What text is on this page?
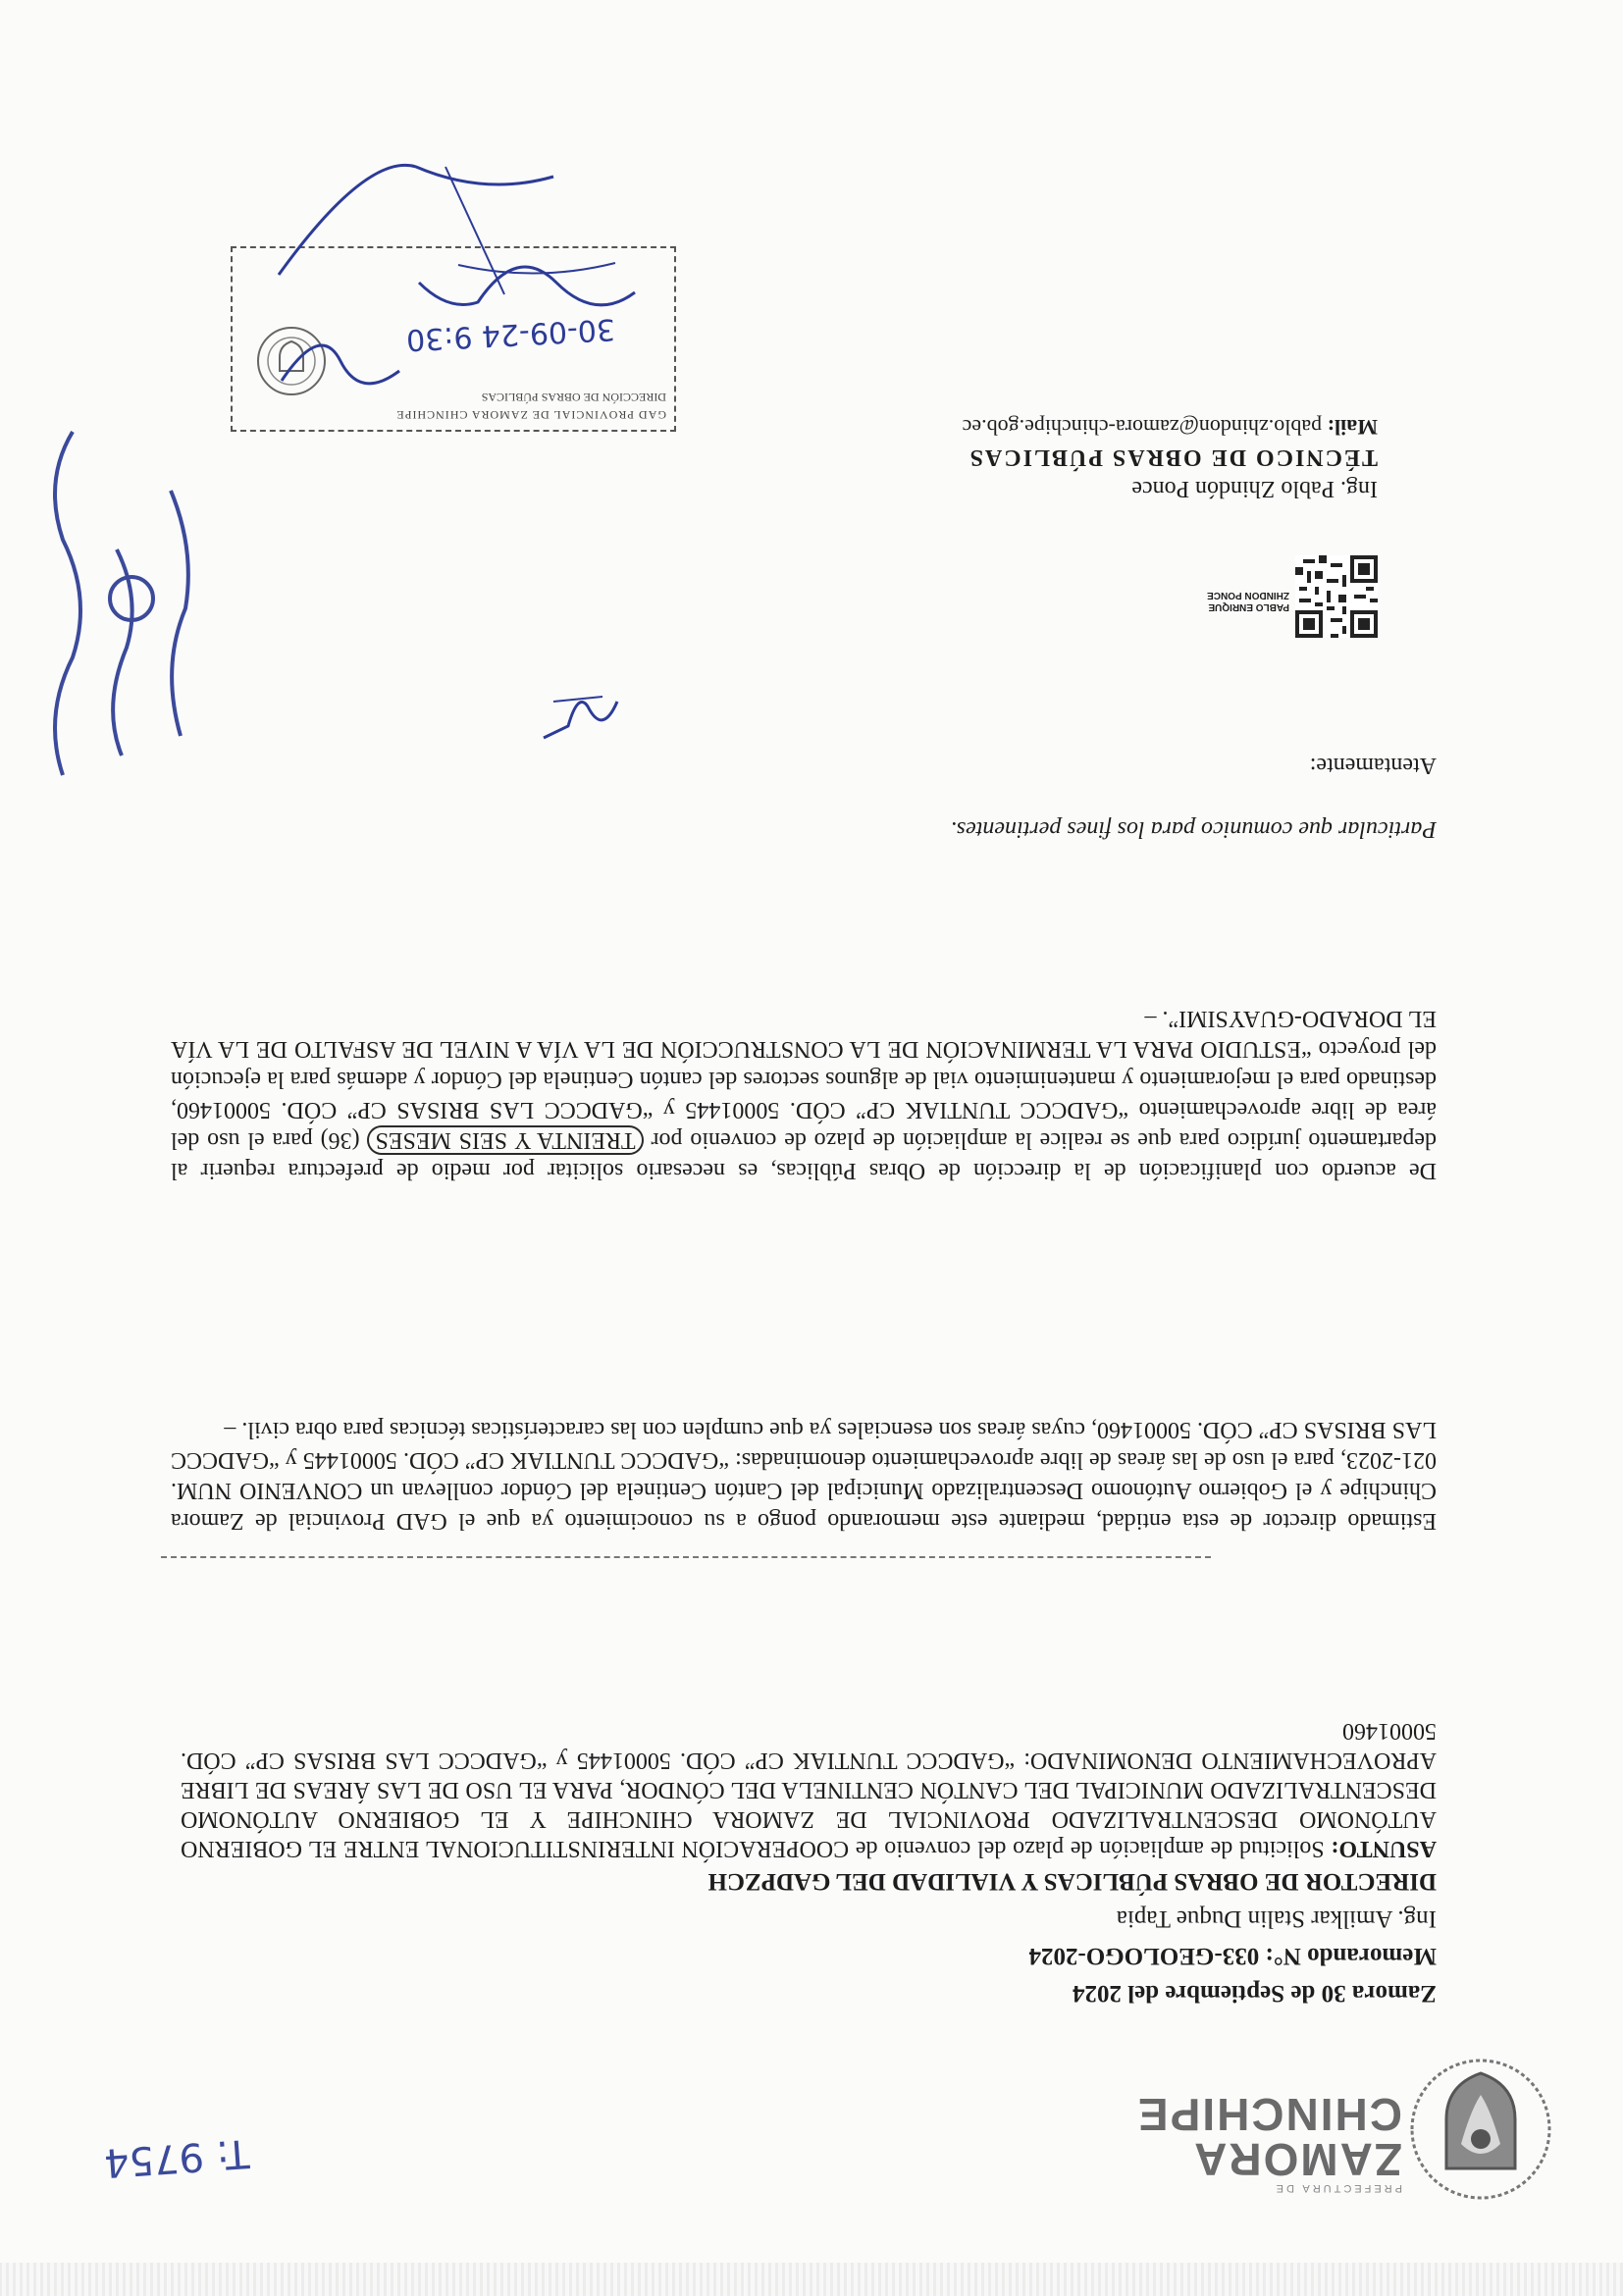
PREFECTURA DE
ZAMORA
CHINCHIPE
T: 9754
Zamora 30 de Septiembre del 2024
Memorando N°: 033-GEOLOGO-2024
Ing. Amilkar Stalin Duque Tapia
DIRECTOR DE OBRAS PÚBLICAS Y VIALIDAD DEL GADPZCH
ASUNTO: Solicitud de ampliación de plazo del convenio de COOPERACIÓN INTERINSTITUCIONAL ENTRE EL GOBIERNO AUTÓNOMO DESCENTRALIZADO PROVINCIAL DE ZAMORA CHINCHIPE Y EL GOBIERNO AUTÓNOMO DESCENTRALIZADO MUNICIPAL DEL CANTÓN CENTINELA DEL CÓNDOR, PARA EL USO DE LAS ÁREAS DE LIBRE APROVECHAMIENTO DENOMINADO: “GADCCC TUNTIAK CP” CÓD. 50001445 y “GADCCC LAS BRISAS CP” CÓD. 50001460
Estimado director de esta entidad, mediante este memorando pongo a su conocimiento ya que el GAD Provincial de Zamora Chinchipe y el Gobierno Autónomo Descentralizado Municipal del Cantón Centinela del Cóndor conllevan un CONVENIO NUM. 021-2023, para el uso de las áreas de libre aprovechamiento denominadas: “GADCCC TUNTIAK CP” CÓD. 50001445 y “GADCCC LAS BRISAS CP” CÓD. 50001460, cuyas áreas son esenciales ya que cumplen con las características técnicas para obra civil. –
De acuerdo con planificación de la dirección de Obras Públicas, es necesario solicitar por medio de prefectura requerir al departamento jurídico para que se realice la ampliación de plazo de convenio por TREINTA Y SEIS MESES (36) para el uso del área de libre aprovechamiento “GADCCC TUNTIAK CP” CÓD. 50001445 y “GADCCC LAS BRISAS CP” CÓD. 50001460, destinado para el mejoramiento y mantenimiento vial de algunos sectores del cantón Centinela del Cóndor y además para la ejecución del proyecto “ESTUDIO PARA LA TERMINACIÓN DE LA CONSTRUCCIÓN DE LA VÍA A NIVEL DE ASFALTO DE LA VÍA EL DORADO-GUAYSIMI”. –
Particular que comunico para los fines pertinentes.
Atentamente:
PABLO ENRIQUE
ZHINDON PONCE
Ing. Pablo Zhindón Ponce
TÉCNICO DE OBRAS PÚBLICAS
Mail: pablo.zhindon@zamora-chinchipe.gob.ec
GAD PROVINCIAL DE ZAMORA CHINCHIPE
DIRECCIÓN DE OBRAS PÚBLICAS
30-09-24 9:30
